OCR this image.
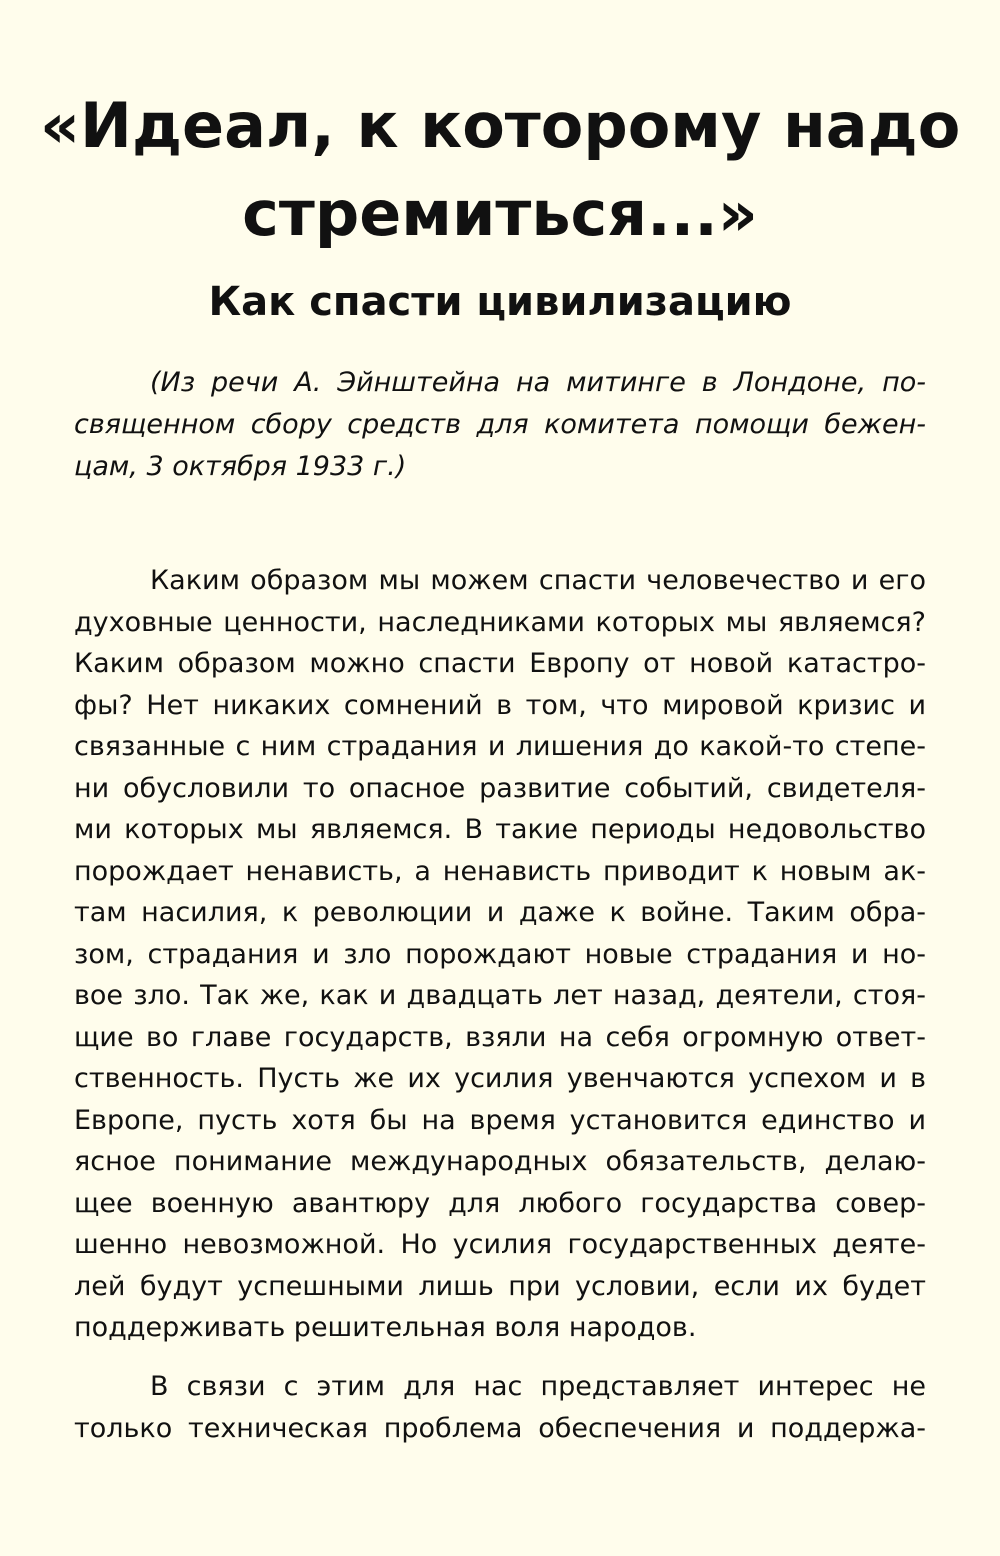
«Идеал, к которому надо
стремиться...»
Как спасти цивилизацию
(Из речи А. Эйнштейна на митинге в Лондоне, по-
священном сбору средств для комитета помощи бежен-
цам, 3 октября 1933 г.)
Каким образом мы можем спасти человечество и его
духовные ценности, наследниками которых мы являемся?
Каким образом можно спасти Европу от новой катастро-
фы? Нет никаких сомнений в том, что мировой кризис и
связанные с ним страдания и лишения до какой-то степе-
ни обусловили то опасное развитие событий, свидетеля-
ми которых мы являемся. В такие периоды недовольство
порождает ненависть, а ненависть приводит к новым ак-
там насилия, к революции и даже к войне. Таким обра-
зом, страдания и зло порождают новые страдания и но-
вое зло. Так же, как и двадцать лет назад, деятели, стоя-
щие во главе государств, взяли на себя огромную ответ-
ственность. Пусть же их усилия увенчаются успехом и в
Европе, пусть хотя бы на время установится единство и
ясное понимание международных обязательств, делаю-
щее военную авантюру для любого государства совер-
шенно невозможной. Но усилия государственных деяте-
лей будут успешными лишь при условии, если их будет
поддерживать решительная воля народов.
В связи с этим для нас представляет интерес не
только техническая проблема обеспечения и поддержа-
